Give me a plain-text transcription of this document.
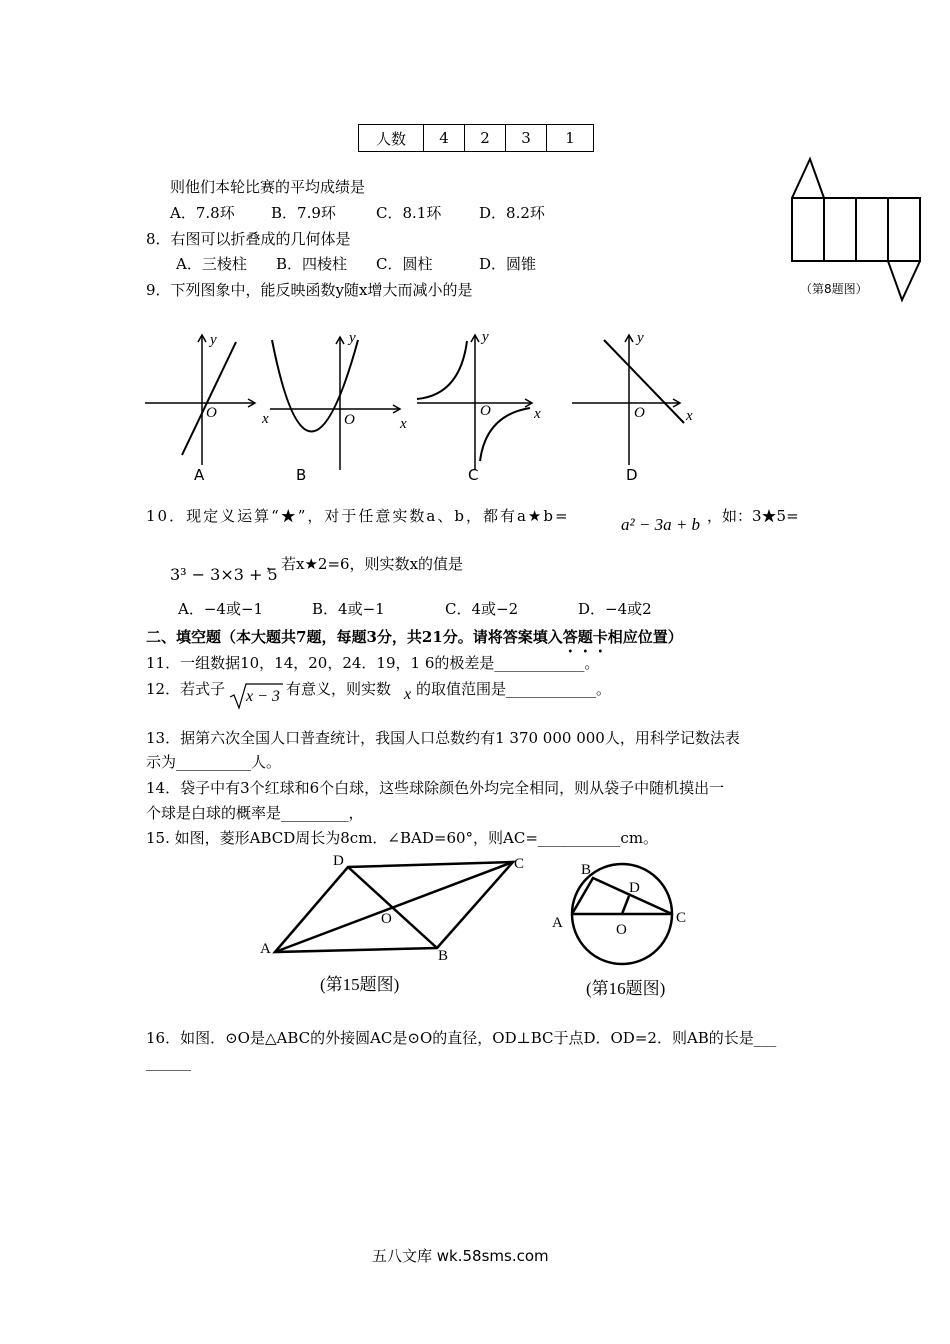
人数	4	2	3	1
则他们本轮比赛的平均成绩是
A．7.8环 B．7.9环	C．8.1环	D．8.2环
8．右图可以折叠成的几何体是
A．三棱柱 B．四棱柱 C．圆柱	D．圆锥
（第8题图）
9．下列图象中，能反映函数y随x增大而减小的是
y
O
A
y
x	O	x
B
y
O	x
C
y
O	x
D
10．现定义运算“★”，对于任意实数a、b，都有a★b=	a² − 3a + b ，如：3★5=
3³ − 3×3 + 5
，若x★2=6，则实数x的值是
A．−4或−1	B．4或−1	C．4或−2	D．−4或2
二、填空题（本大题共7题，每题3分，共21分。请将答案填入答题卡相应位置）
11．一组数据10，14，20，24．19，1 6的极差是____________。
12．若式子 x − 3 有意义，则实数 x 的取值范围是____________。
13．据第六次全国人口普查统计，我国人口总数约有1 370 000 000人，用科学记数法表
示为__________人。
14．袋子中有3个红球和6个白球，这些球除颜色外均完全相同，则从袋子中随机摸出一
个球是白球的概率是_________，
15. 如图，菱形ABCD周长为8cm．∠BAD=60°，则AC=___________cm。
D	C
A	B
O
(第15题图)
B
D
A	C
O
(第16题图)
16．如图．⊙O是△ABC的外接圆AC是⊙O的直径，OD⊥BC于点D．OD=2．则AB的长是___
______
五八文库 wk.58sms.com
